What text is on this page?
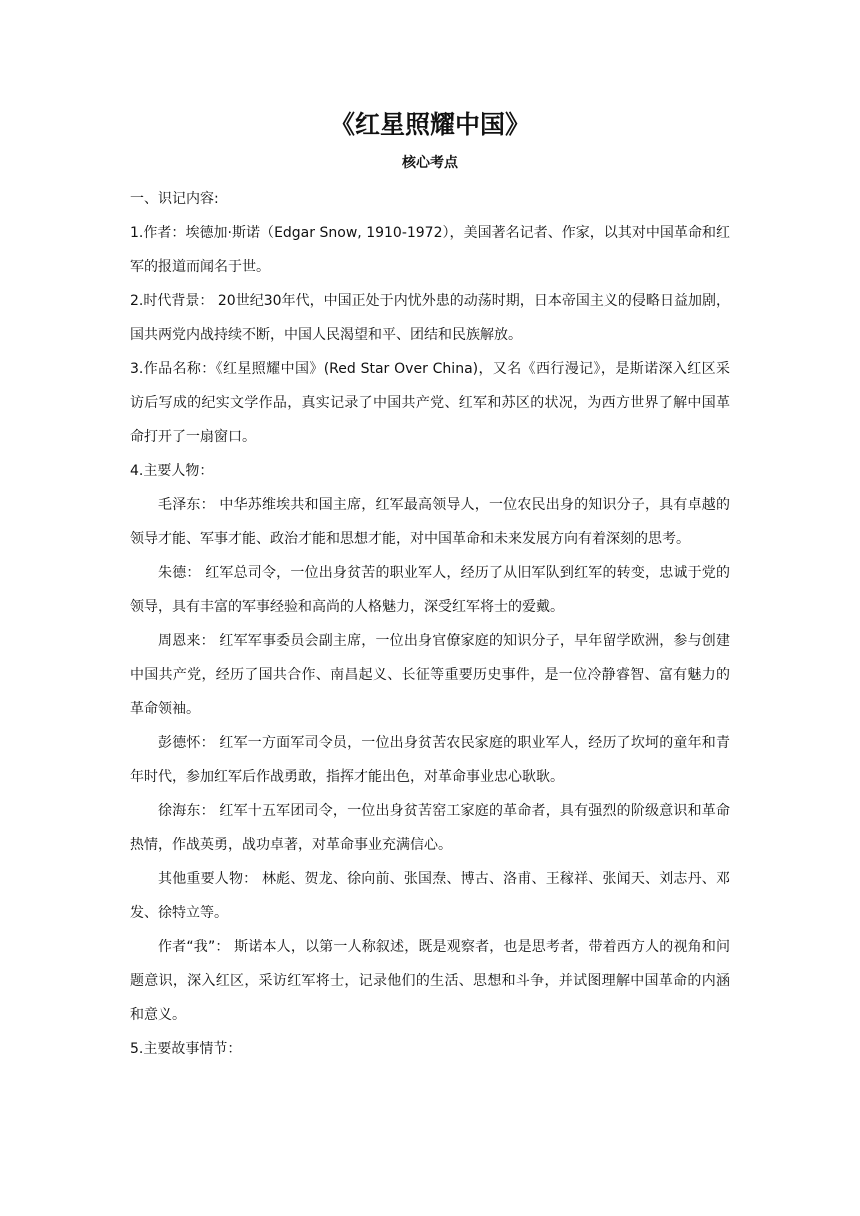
《红星照耀中国》
核心考点

一、识记内容:

1.作者：埃德加·斯诺（Edgar Snow, 1910-1972），美国著名记者、作家，以其对中国革命和红军的报道而闻名于世。

2.时代背景： 20世纪30年代，中国正处于内忧外患的动荡时期，日本帝国主义的侵略日益加剧，国共两党内战持续不断，中国人民渴望和平、团结和民族解放。

3.作品名称：《红星照耀中国》(Red Star Over China)，又名《西行漫记》，是斯诺深入红区采访后写成的纪实文学作品，真实记录了中国共产党、红军和苏区的状况，为西方世界了解中国革命打开了一扇窗口。

4.主要人物：

毛泽东： 中华苏维埃共和国主席，红军最高领导人，一位农民出身的知识分子，具有卓越的领导才能、军事才能、政治才能和思想才能，对中国革命和未来发展方向有着深刻的思考。

朱德： 红军总司令，一位出身贫苦的职业军人，经历了从旧军队到红军的转变，忠诚于党的领导，具有丰富的军事经验和高尚的人格魅力，深受红军将士的爱戴。

周恩来： 红军军事委员会副主席，一位出身官僚家庭的知识分子，早年留学欧洲，参与创建中国共产党，经历了国共合作、南昌起义、长征等重要历史事件，是一位冷静睿智、富有魅力的革命领袖。

彭德怀： 红军一方面军司令员，一位出身贫苦农民家庭的职业军人，经历了坎坷的童年和青年时代，参加红军后作战勇敢，指挥才能出色，对革命事业忠心耿耿。

徐海东： 红军十五军团司令，一位出身贫苦窑工家庭的革命者，具有强烈的阶级意识和革命热情，作战英勇，战功卓著，对革命事业充满信心。

其他重要人物： 林彪、贺龙、徐向前、张国焘、博古、洛甫、王稼祥、张闻天、刘志丹、邓发、徐特立等。

作者“我”： 斯诺本人，以第一人称叙述，既是观察者，也是思考者，带着西方人的视角和问题意识，深入红区，采访红军将士，记录他们的生活、思想和斗争，并试图理解中国革命的内涵和意义。

5.主要故事情节：
